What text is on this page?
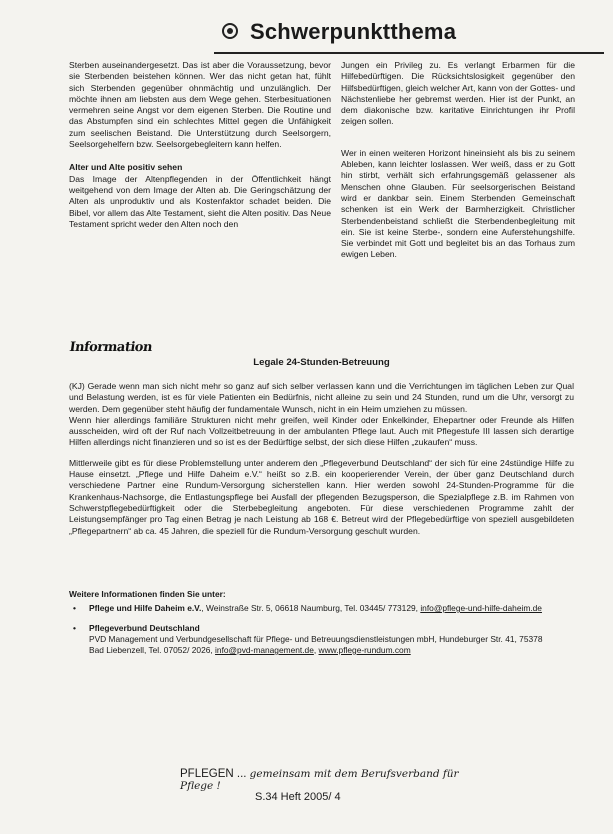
Schwerpunktthema

Sterben auseinandergesetzt. Das ist aber die Voraussetzung, bevor sie Sterbenden beistehen können. Wer das nicht getan hat, fühlt sich Sterbenden gegenüber ohnmächtig und unzulänglich. Der möchte ihnen am liebsten aus dem Wege gehen. Sterbesituationen vermehren seine Angst vor dem eigenen Sterben. Die Routine und das Abstumpfen sind ein schlechtes Mittel gegen die Unfähigkeit zum seelischen Beistand. Die Unterstützung durch Seelsorgern, Seelsorgehelfern bzw. Seelsorgebegleitern kann helfen.

Alter und Alte positiv sehen

Das Image der Altenpflegenden in der Öffentlichkeit hängt weitgehend von dem Image der Alten ab. Die Geringschätzung der Alten als unproduktiv und als Kostenfaktor schadet beiden. Die Bibel, vor allem das Alte Testament, sieht die Alten positiv. Das Neue Testament spricht weder den Alten noch den

Jungen ein Privileg zu. Es verlangt Erbarmen für die Hilfebedürftigen. Die Rücksichtslosigkeit gegenüber den Hilfsbedürftigen, gleich welcher Art, kann von der Gottes- und Nächstenliebe her gebremst werden. Hier ist der Punkt, an dem diakonische bzw. karitative Einrichtungen ihr Profil zeigen sollen.

Wer in einen weiteren Horizont hineinsieht als bis zu seinem Ableben, kann leichter loslassen. Wer weiß, dass er zu Gott hin stirbt, verhält sich erfahrungsgemäß gelassener als Menschen ohne Glauben. Für seelsorgerischen Beistand wird er dankbar sein. Einem Sterbenden Gemeinschaft schenken ist ein Werk der Barmherzigkeit. Christlicher Sterbendenbeistand schließt die Sterbendenbegleitung mit ein. Sie ist keine Sterbe-, sondern eine Auferstehungshilfe. Sie verbindet mit Gott und begleitet bis an das Torhaus zum ewigen Leben.

Information
Legale 24-Stunden-Betreuung

(KJ) Gerade wenn man sich nicht mehr so ganz auf sich selber verlassen kann und die Verrichtungen im täglichen Leben zur Qual und Belastung werden, ist es für viele Patienten ein Bedürfnis, nicht alleine zu sein und 24 Stunden, rund um die Uhr, versorgt zu werden. Dem gegenüber steht häufig der fundamentale Wunsch, nicht in ein Heim umziehen zu müssen.

Wenn hier allerdings familiäre Strukturen nicht mehr greifen, weil Kinder oder Enkelkinder, Ehepartner oder Freunde als Hilfen ausscheiden, wird oft der Ruf nach Vollzeitbetreuung in der ambulanten Pflege laut. Auch mit Pflegestufe III lassen sich derartige Hilfen allerdings nicht finanzieren und so ist es der Bedürftige selbst, der sich diese Hilfen „zukaufen“ muss.

Mittlerweile gibt es für diese Problemstellung unter anderem den „Pflegeverbund Deutschland“ der sich für eine 24stündige Hilfe zu Hause einsetzt. „Pflege und Hilfe Daheim e.V.“ heißt so z.B. ein kooperierender Verein, der über ganz Deutschland durch verschiedene Partner eine Rundum-Versorgung sicherstellen kann. Hier werden sowohl 24-Stunden-Programme für die Krankenhaus-Nachsorge, die Entlastungspflege bei Ausfall der pflegenden Bezugsperson, die Spezialpflege z.B. im Rahmen von Schwerstpflegebedürftigkeit oder die Sterbebegleitung angeboten. Für diese verschiedenen Programme zahlt der Leistungsempfänger pro Tag einen Betrag je nach Leistung ab 168 €. Betreut wird der Pflegebedürftige von speziell ausgebildeten „Pflegepartnern“ ab ca. 45 Jahren, die speziell für die Rundum-Versorgung geschult wurden.

Weitere Informationen finden Sie unter:
• Pflege und Hilfe Daheim e.V., Weinstraße Str. 5, 06618 Naumburg, Tel. 03445/ 773129, info@pflege-und-hilfe-daheim.de
• Pflegeverbund Deutschland
PVD Management und Verbundgesellschaft für Pflege- und Betreuungsdienstleistungen mbH, Hundeburger Str. 41, 75378
Bad Liebenzell, Tel. 07052/ 2026, info@pvd-management.de, www.pflege-rundum.com
PFLEGEN ... gemeinsam mit dem Berufsverband für Pflege !
S.34 Heft 2005/ 4
